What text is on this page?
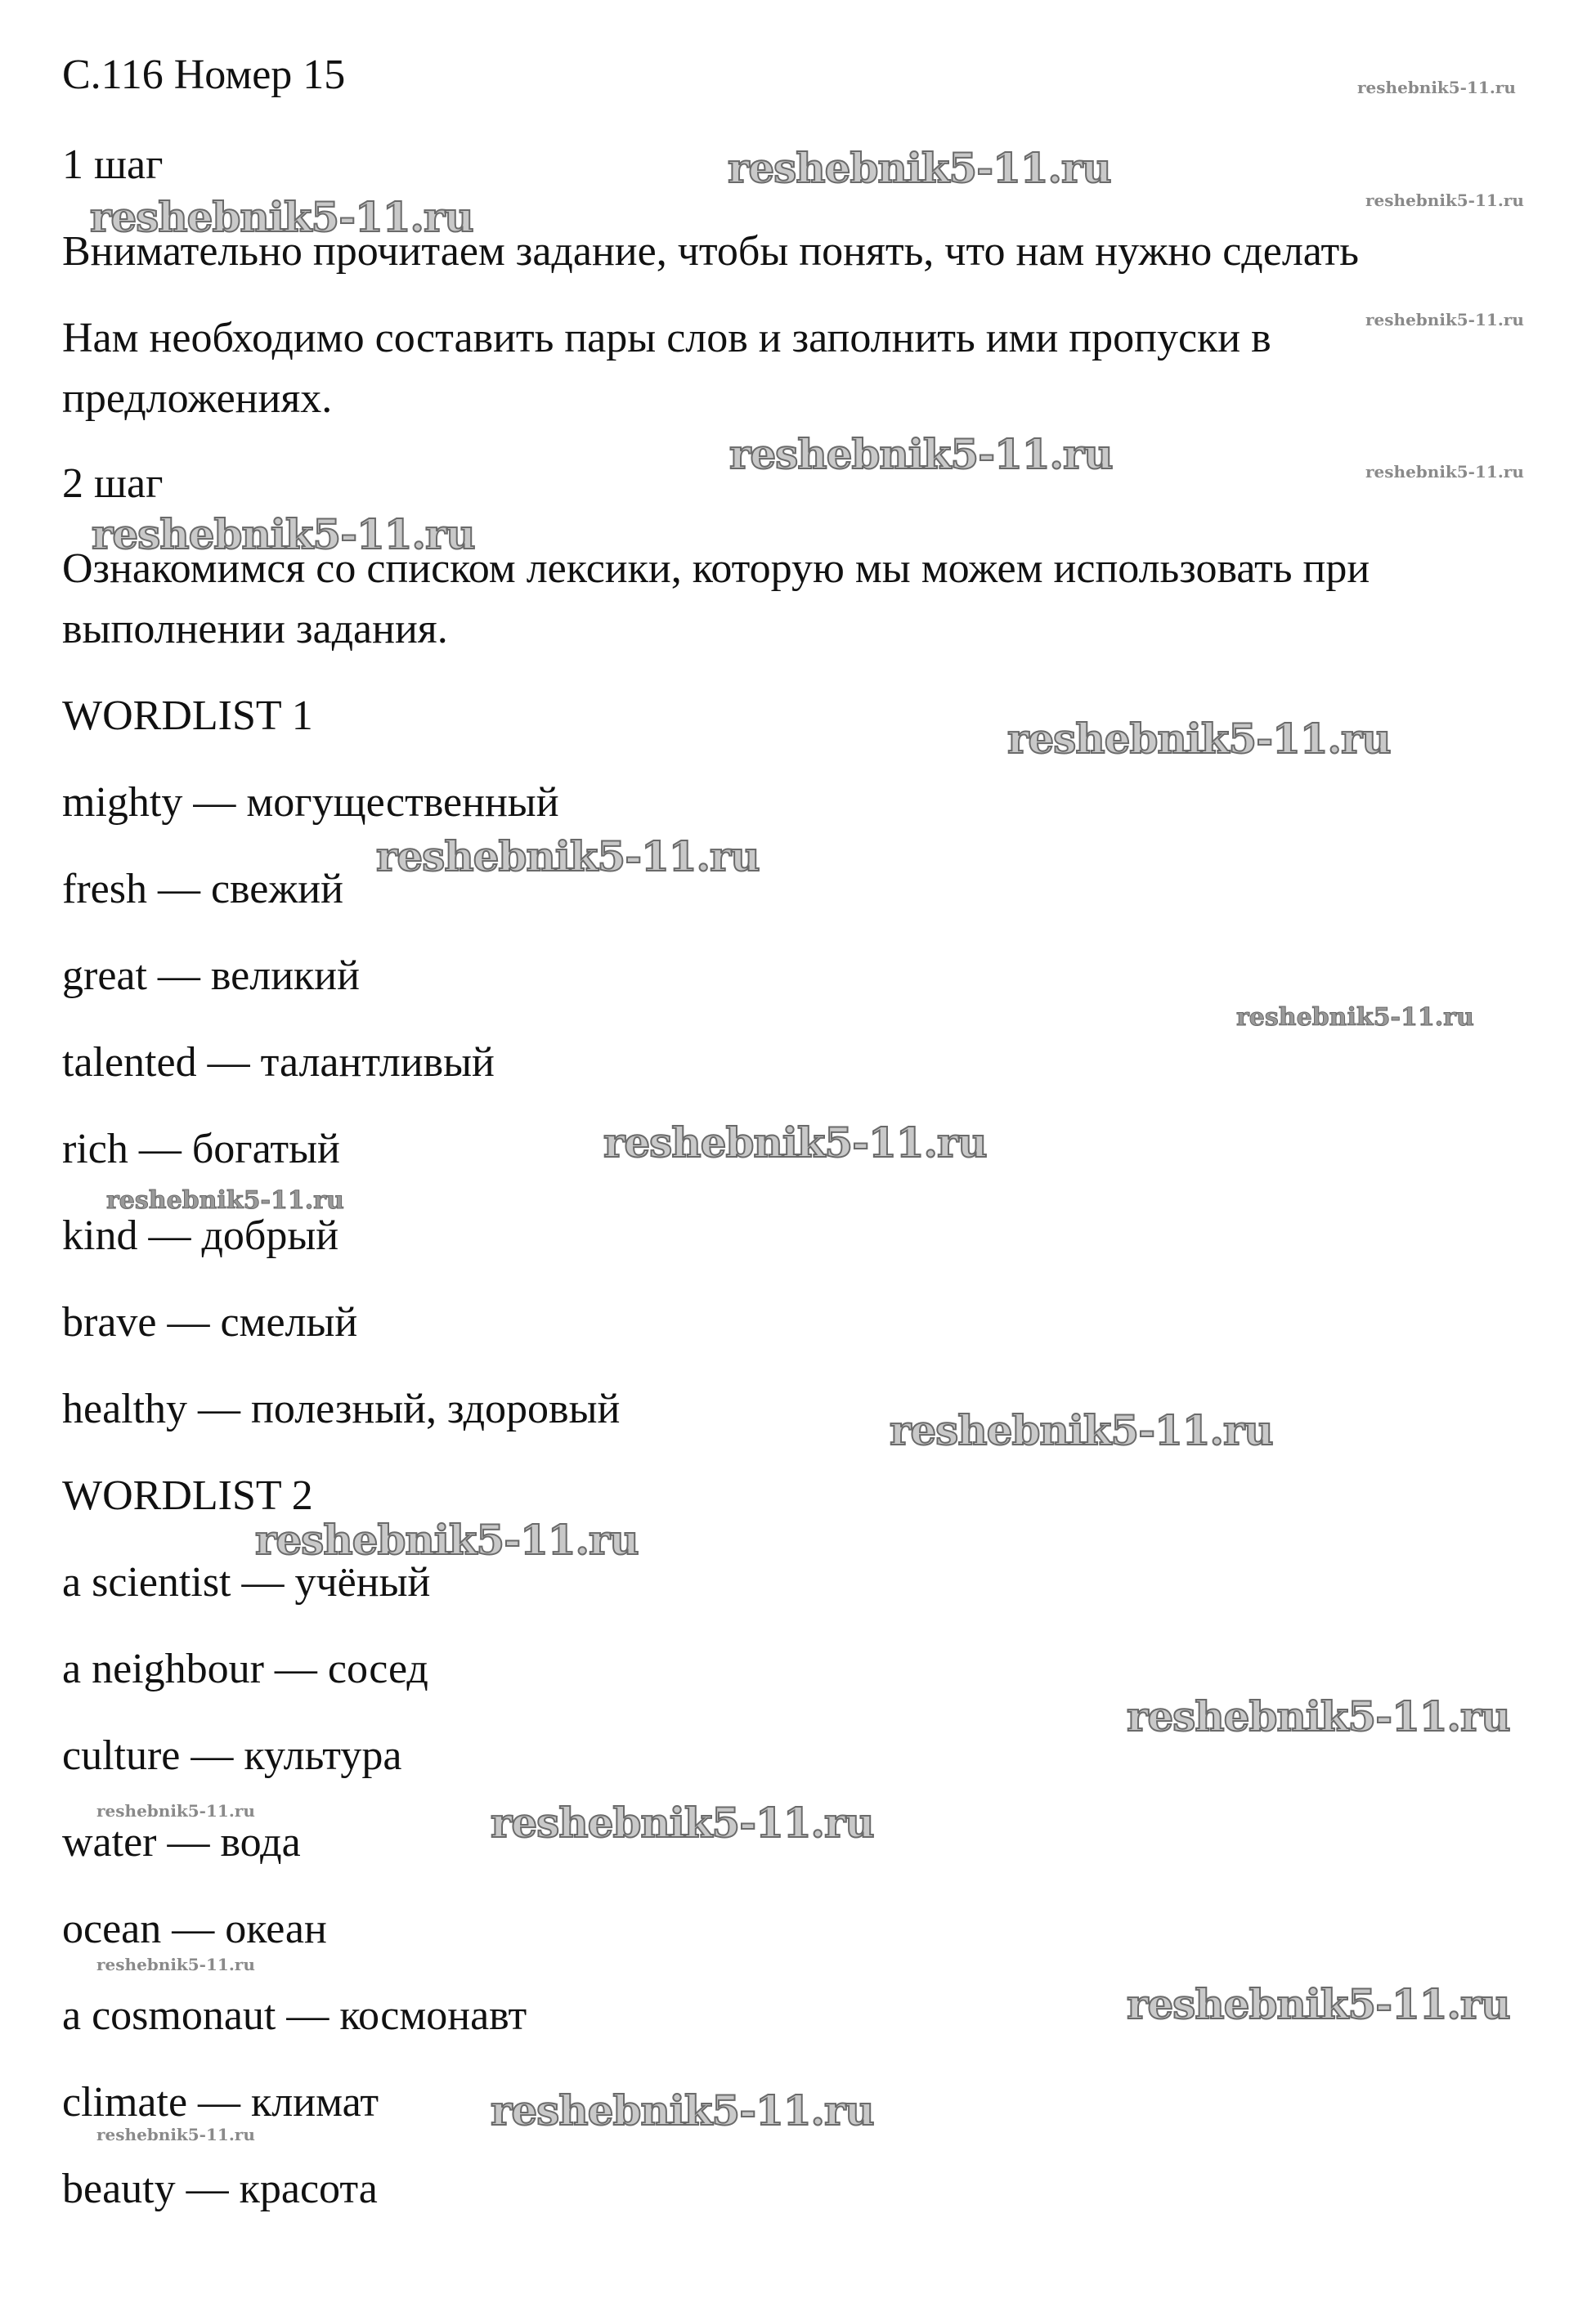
С.116 Номер 15
1 шаг
Внимательно прочитаем задание, чтобы понять, что нам нужно сделать
Нам необходимо составить пары слов и заполнить ими пропуски в
предложениях.
2 шаг
Ознакомимся со списком лексики, которую мы можем использовать при
выполнении задания.
WORDLIST 1
mighty — могущественный
fresh — свежий
great — великий
talented — талантливый
rich — богатый
kind — добрый
brave — смелый
healthy — полезный, здоровый
WORDLIST 2
a scientist — учёный
a neighbour — сосед
culture — культура
water — вода
ocean — океан
a cosmonaut — космонавт
climate — климат
beauty — красота
reshebnik5-11.ru
reshebnik5-11.ru
reshebnik5-11.ru
reshebnik5-11.ru
reshebnik5-11.ru
reshebnik5-11.ru
reshebnik5-11.ru
reshebnik5-11.ru
reshebnik5-11.ru
reshebnik5-11.ru
reshebnik5-11.ru
reshebnik5-11.ru
reshebnik5-11.ru
reshebnik5-11.ru
reshebnik5-11.ru
reshebnik5-11.ru
reshebnik5-11.ru
reshebnik5-11.ru
reshebnik5-11.ru
reshebnik5-11.ru
reshebnik5-11.ru
reshebnik5-11.ru
